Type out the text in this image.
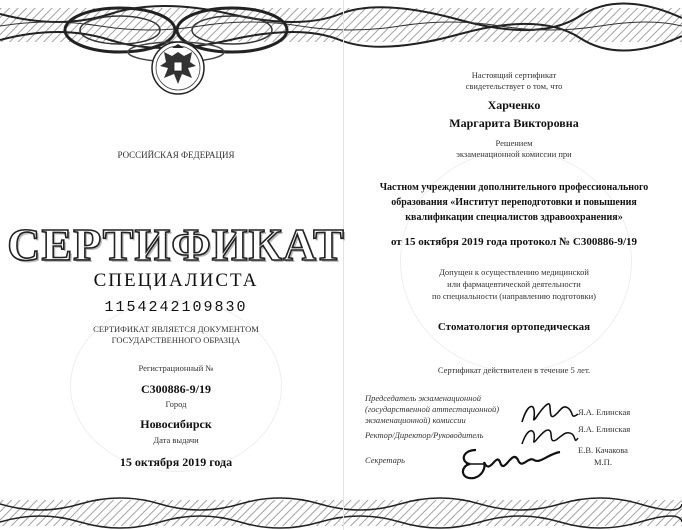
РОССИЙСКАЯ ФЕДЕРАЦИЯ
СЕРТИФИКАТ
СПЕЦИАЛИСТА
1154242109830
СЕРТИФИКАТ ЯВЛЯЕТСЯ ДОКУМЕНТОМ
ГОСУДАРСТВЕННОГО ОБРАЗЦА
Регистрационный №
С300886-9/19
Город
Новосибирск
Дата выдачи
15 октября 2019 года
Настоящий сертификат
свидетельствует о том, что
Харченко
Маргарита Викторовна
Решением
экзаменационной комиссии при
Частном учреждении дополнительного профессионального
образования «Институт переподготовки и повышения
квалификации специалистов здравоохранения»
от 15 октября 2019 года протокол № С300886-9/19
Допущен к осуществлению медицинской
или фармацевтической деятельности
по специальности (направлению подготовки)
Стоматология ортопедическая
Сертификат действителен в течение 5 лет.
Председатель экзаменационной
(государственной аттестационной)
экзаменационной) комиссии
Ректор/Директор/Руководитель
Секретарь
Я.А. Елинская
Я.А. Елинская
Е.В. Качакова
М.П.
